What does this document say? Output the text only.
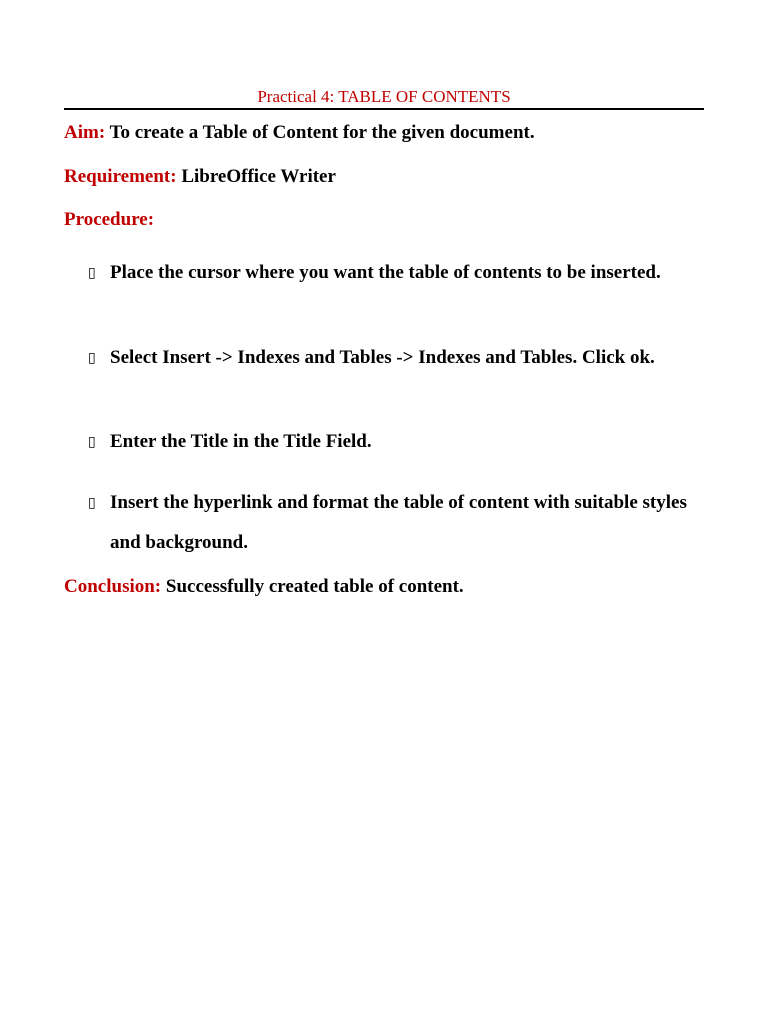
Practical 4: TABLE OF CONTENTS
Aim: To create a Table of Content for the given document.
Requirement: LibreOffice Writer
Procedure:
▯ Place the cursor where you want the table of contents to be inserted.
▯ Select Insert -> Indexes and Tables -> Indexes and Tables. Click ok.
▯ Enter the Title in the Title Field.
▯ Insert the hyperlink and format the table of content with suitable styles and background.
Conclusion: Successfully created table of content.
